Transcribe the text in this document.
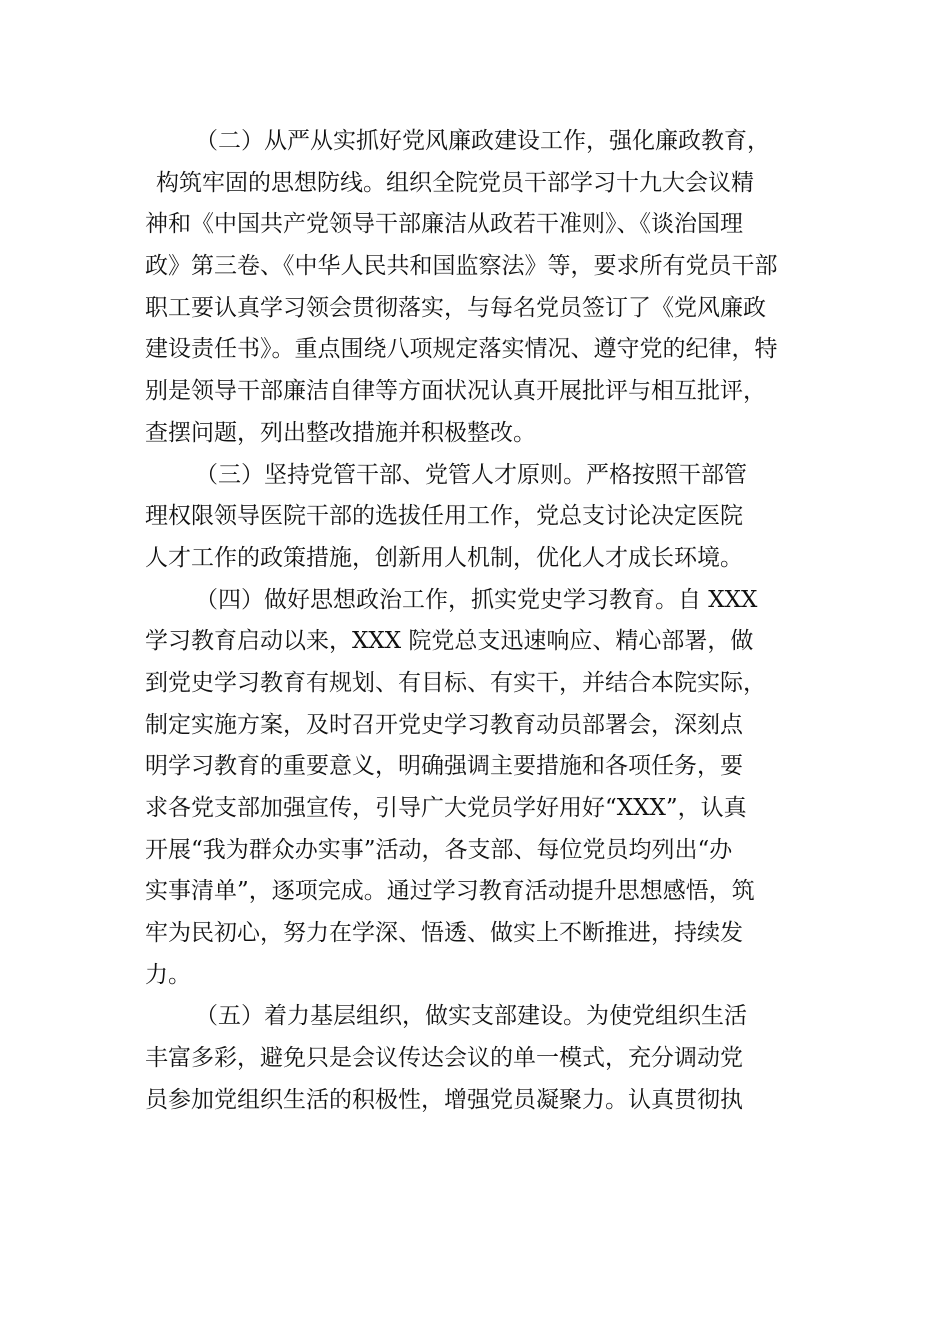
（二）从严从实抓好党风廉政建设工作，强化廉政教育，
构筑牢固的思想防线。组织全院党员干部学习十九大会议精
神和《中国共产党领导干部廉洁从政若干准则》、《谈治国理
政》第三卷、《中华人民共和国监察法》等，要求所有党员干部
职工要认真学习领会贯彻落实，与每名党员签订了《党风廉政
建设责任书》。重点围绕八项规定落实情况、遵守党的纪律，特
别是领导干部廉洁自律等方面状况认真开展批评与相互批评，
查摆问题，列出整改措施并积极整改。
（三）坚持党管干部、党管人才原则。严格按照干部管
理权限领导医院干部的选拔任用工作，党总支讨论决定医院
人才工作的政策措施，创新用人机制，优化人才成长环境。
（四）做好思想政治工作，抓实党史学习教育。自 XXX
学习教育启动以来，XXX 院党总支迅速响应、精心部署，做
到党史学习教育有规划、有目标、有实干，并结合本院实际，
制定实施方案，及时召开党史学习教育动员部署会，深刻点
明学习教育的重要意义，明确强调主要措施和各项任务，要
求各党支部加强宣传，引导广大党员学好用好“XXX”，认真
开展“我为群众办实事”活动，各支部、每位党员均列出“办
实事清单”，逐项完成。通过学习教育活动提升思想感悟，筑
牢为民初心，努力在学深、悟透、做实上不断推进，持续发
力。
（五）着力基层组织，做实支部建设。为使党组织生活
丰富多彩，避免只是会议传达会议的单一模式，充分调动党
员参加党组织生活的积极性，增强党员凝聚力。认真贯彻执
